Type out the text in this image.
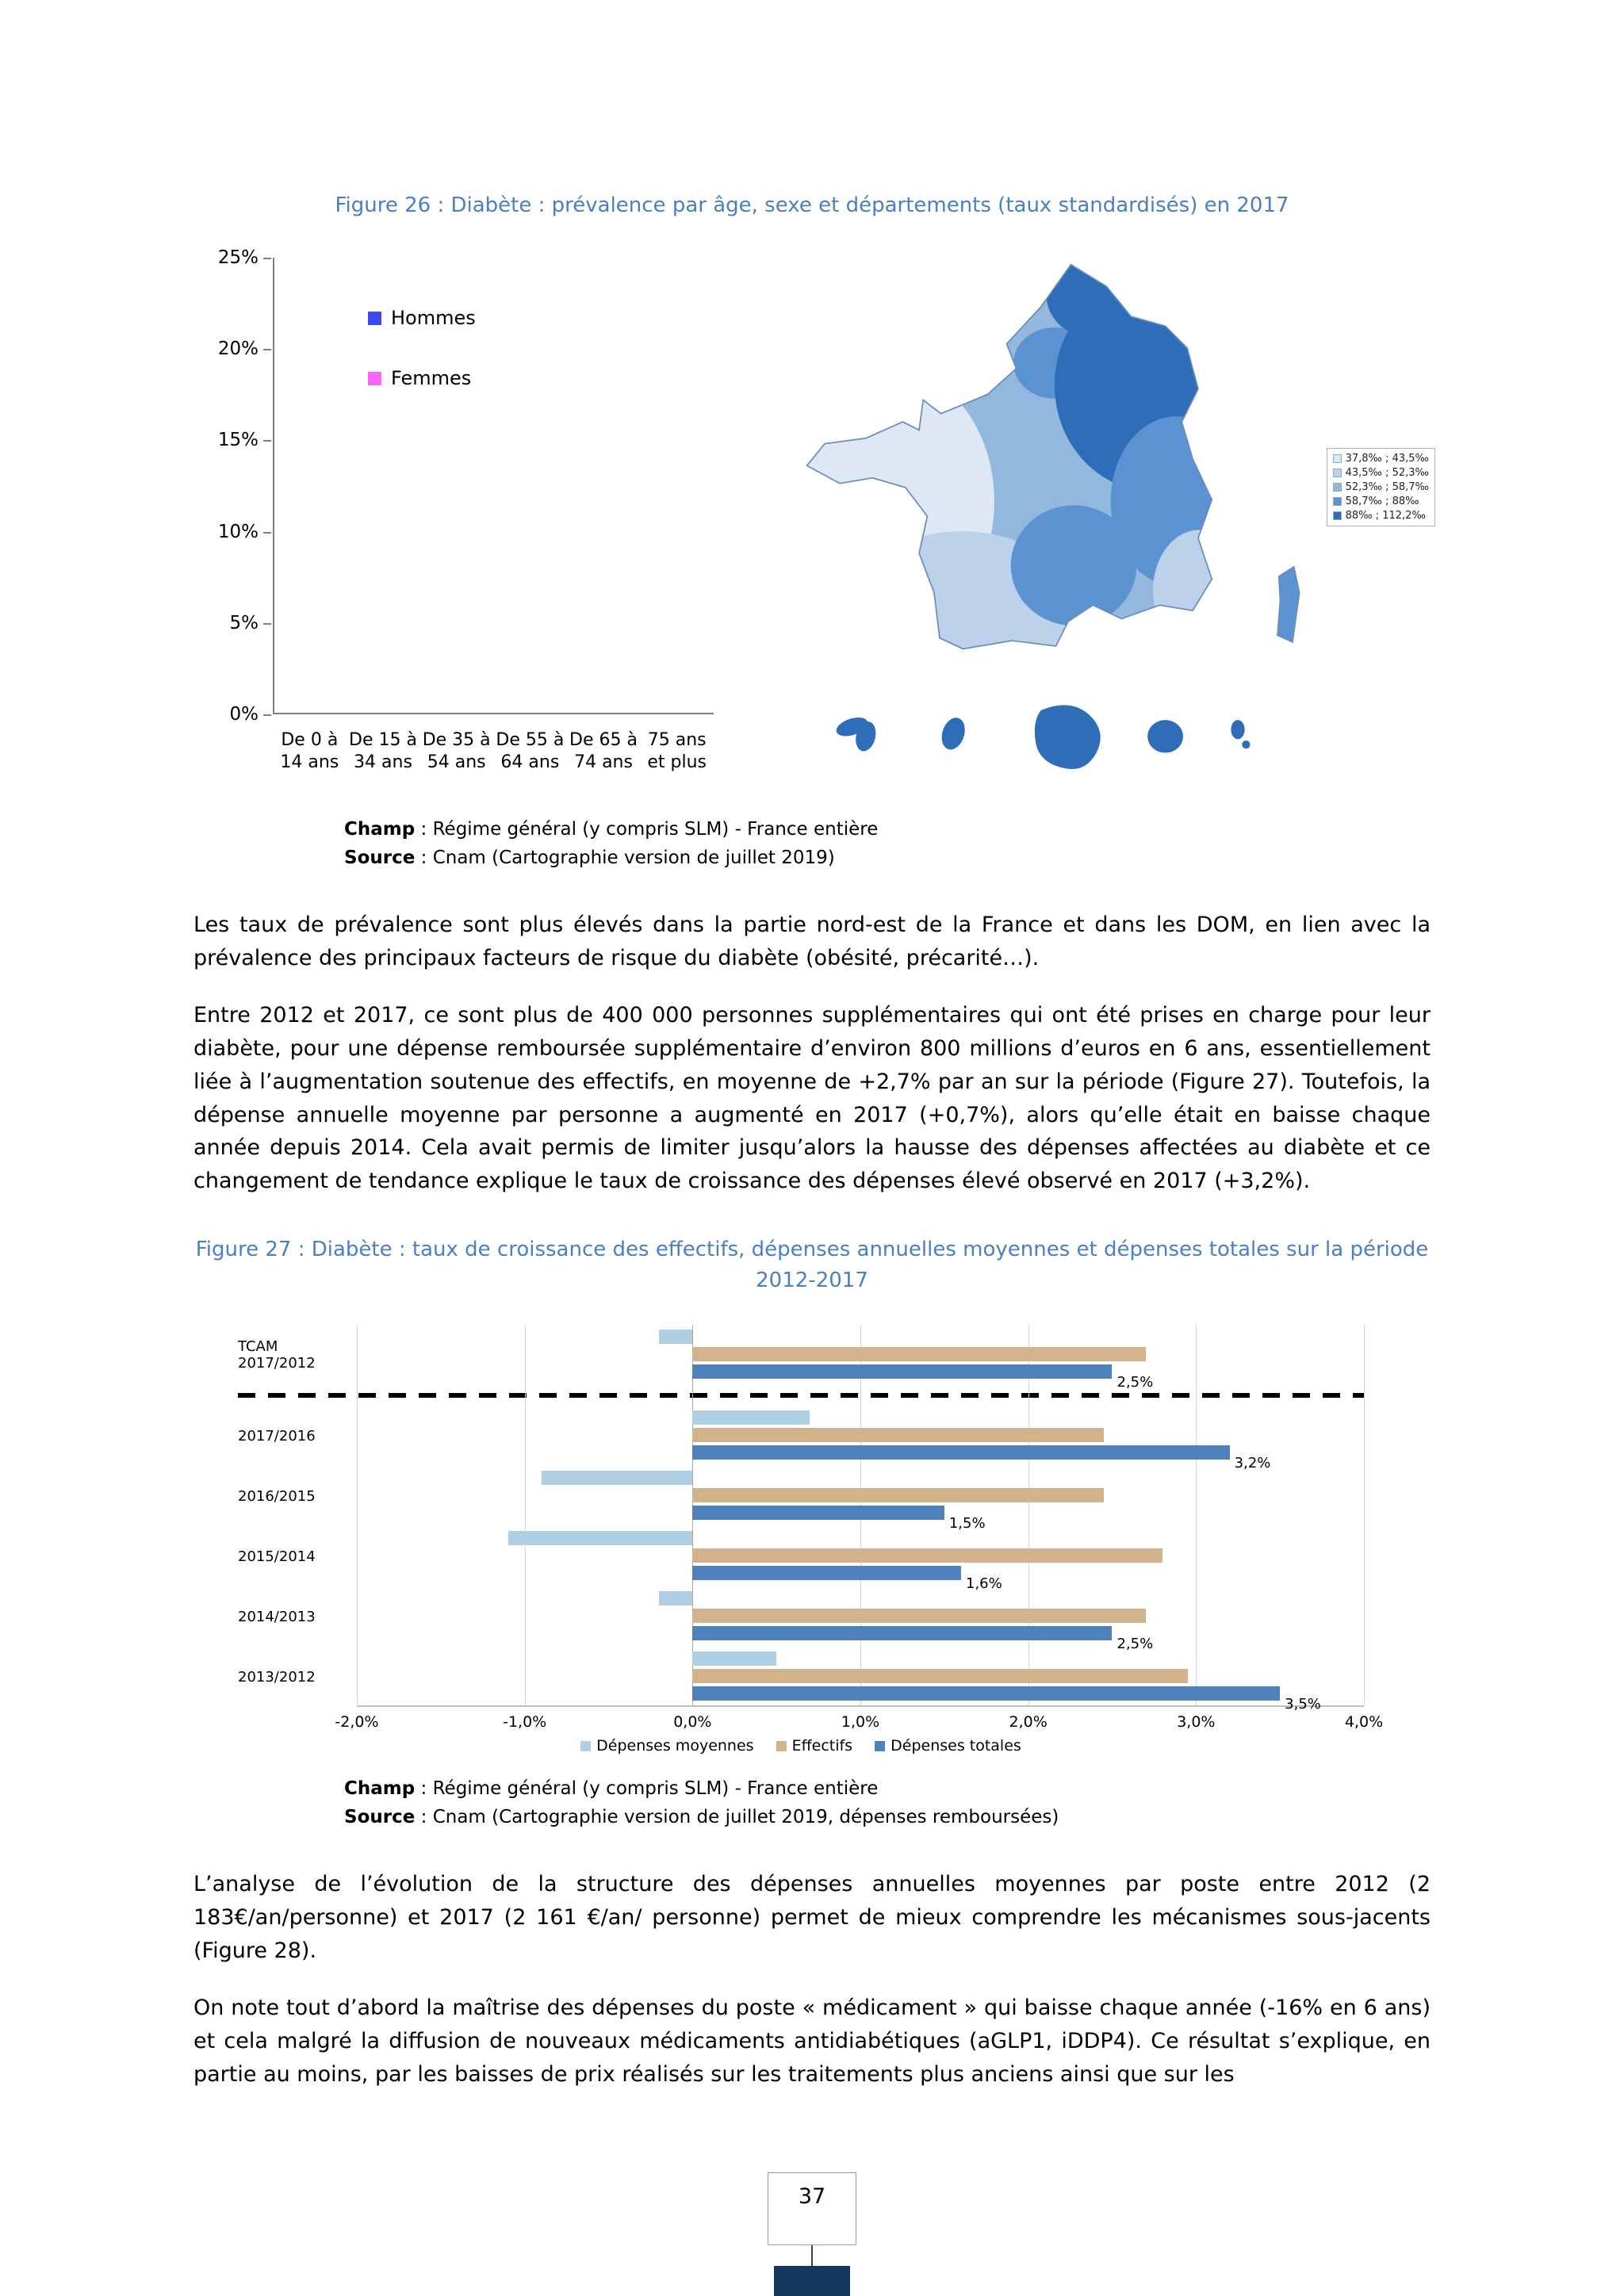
Figure 26 : Diabète : prévalence par âge, sexe et départements (taux standardisés) en 2017
0%
5%
10%
15%
20%
25%
Hommes
Femmes
De 0 à
14 ans
De 15 à
34 ans
De 35 à
54 ans
De 55 à
64 ans
De 65 à
74 ans
75 ans
et plus
37,8‰ ; 43,5‰
43,5‰ ; 52,3‰
52,3‰ ; 58,7‰
58,7‰ ; 88‰
88‰ ; 112,2‰
Champ : Régime général (y compris SLM) - France entière
Source : Cnam (Cartographie version de juillet 2019)

Les taux de prévalence sont plus élevés dans la partie nord-est de la France et dans les DOM, en lien avec la prévalence des principaux facteurs de risque du diabète (obésité, précarité…).

Entre 2012 et 2017, ce sont plus de 400 000 personnes supplémentaires qui ont été prises en charge pour leur diabète, pour une dépense remboursée supplémentaire d’environ 800 millions d’euros en 6 ans, essentiellement liée à l’augmentation soutenue des effectifs, en moyenne de +2,7% par an sur la période (Figure 27). Toutefois, la dépense annuelle moyenne par personne a augmenté en 2017 (+0,7%), alors qu’elle était en baisse chaque année depuis 2014. Cela avait permis de limiter jusqu’alors la hausse des dépenses affectées au diabète et ce changement de tendance explique le taux de croissance des dépenses élevé observé en 2017 (+3,2%).

Figure 27 : Diabète : taux de croissance des effectifs, dépenses annuelles moyennes et dépenses totales sur la période 2012-2017
TCAM 2017/2012
2,5%
2017/2016
3,2%
2016/2015
1,5%
2015/2014
1,6%
2014/2013
2,5%
2013/2012
3,5%
-2,0%	-1,0%	0,0%	1,0%	2,0%	3,0%	4,0%
Dépenses moyennes	Effectifs	Dépenses totales
Champ : Régime général (y compris SLM) - France entière
Source : Cnam (Cartographie version de juillet 2019, dépenses remboursées)

L’analyse de l’évolution de la structure des dépenses annuelles moyennes par poste entre 2012 (2 183€/an/personne) et 2017 (2 161 €/an/ personne) permet de mieux comprendre les mécanismes sous-jacents (Figure 28).

On note tout d’abord la maîtrise des dépenses du poste « médicament » qui baisse chaque année (-16% en 6 ans) et cela malgré la diffusion de nouveaux médicaments antidiabétiques (aGLP1, iDDP4). Ce résultat s’explique, en partie au moins, par les baisses de prix réalisés sur les traitements plus anciens ainsi que sur les

37
